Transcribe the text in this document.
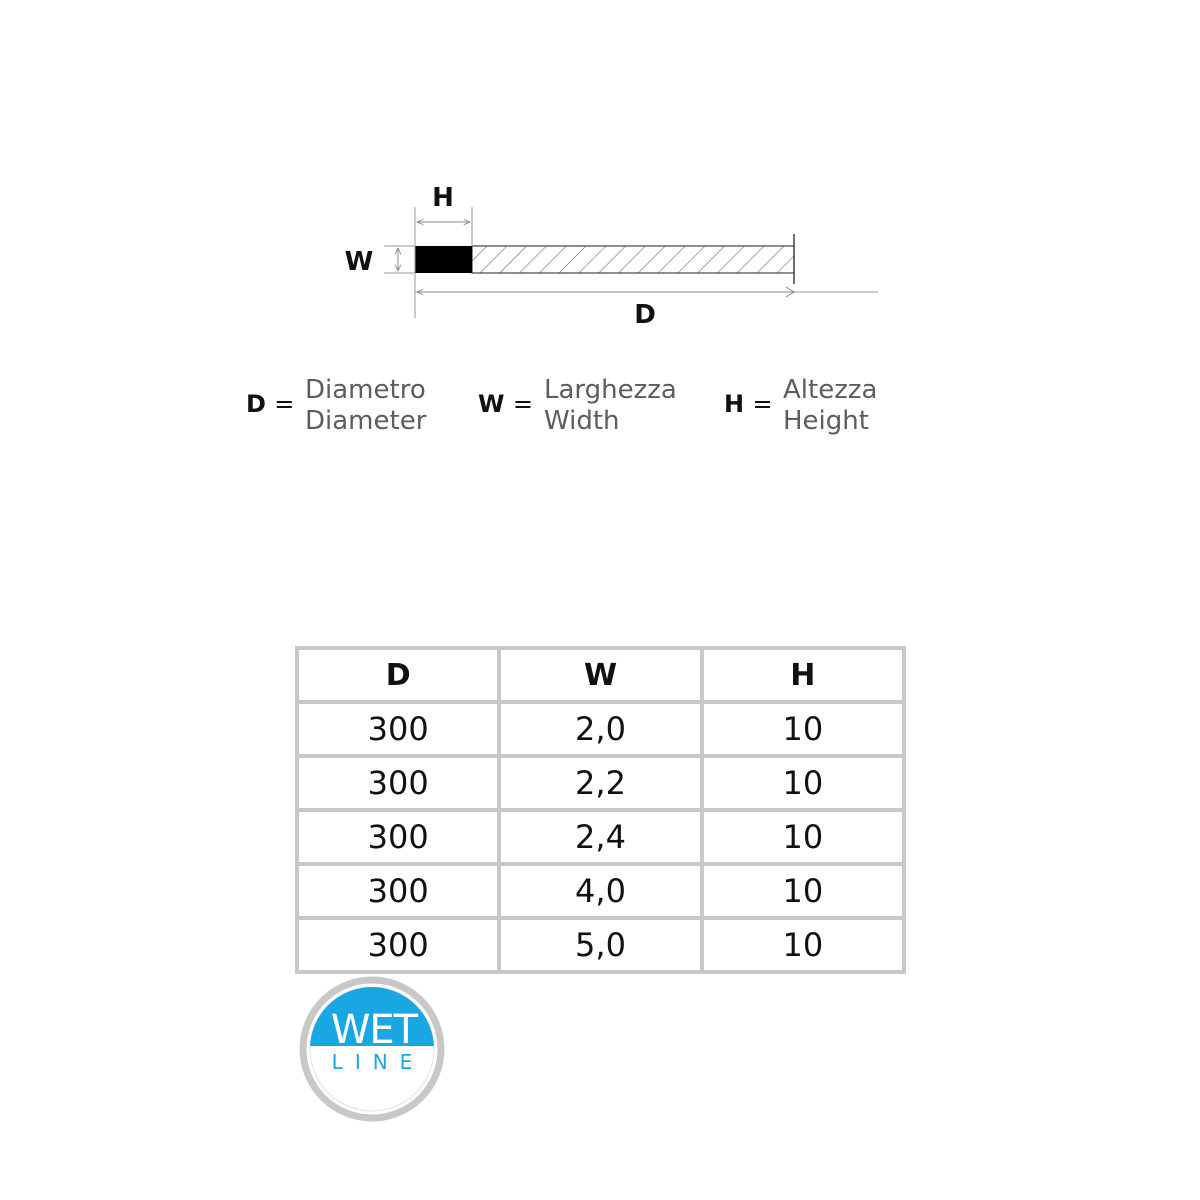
H
W
D
D = Diametro
Diameter
W = Larghezza
Width
H = Altezza
Height
D	W	H
300	2,0	10
300	2,2	10
300	2,4	10
300	4,0	10
300	5,0	10
WET
LINE
